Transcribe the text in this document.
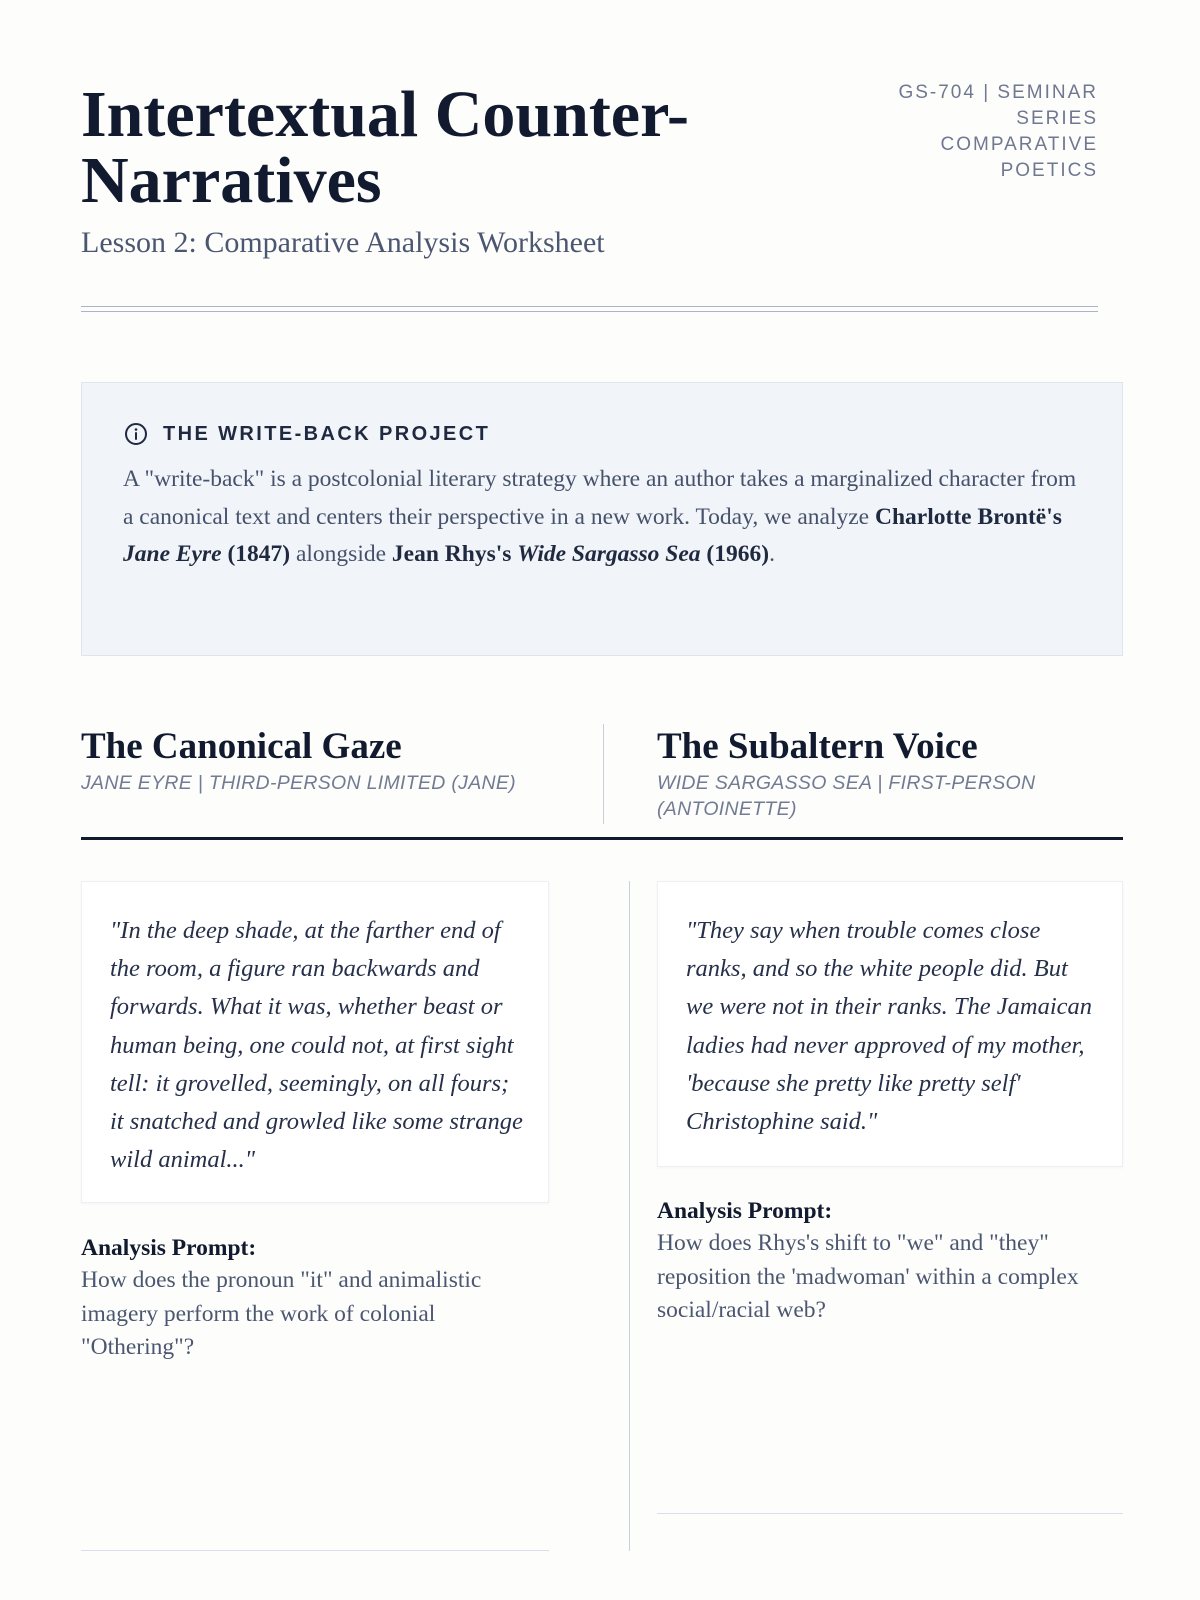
Intertextual Counter-Narratives

Lesson 2: Comparative Analysis Worksheet

GS-704 | SEMINAR SERIES
COMPARATIVE POETICS
THE WRITE-BACK PROJECT

A "write-back" is a postcolonial literary strategy where an author takes a marginalized character from a canonical text and centers their perspective in a new work. Today, we analyze Charlotte Brontë's Jane Eyre (1847) alongside Jean Rhys's Wide Sargasso Sea (1966).

The Canonical Gaze

JANE EYRE | THIRD-PERSON LIMITED (JANE)

The Subaltern Voice

WIDE SARGASSO SEA | FIRST-PERSON (ANTOINETTE)

"In the deep shade, at the farther end of the room, a figure ran backwards and forwards. What it was, whether beast or human being, one could not, at first sight tell: it grovelled, seemingly, on all fours; it snatched and growled like some strange wild animal..."

Analysis Prompt:

How does the pronoun "it" and animalistic imagery perform the work of colonial "Othering"?

"They say when trouble comes close ranks, and so the white people did. But we were not in their ranks. The Jamaican ladies had never approved of my mother, 'because she pretty like pretty self' Christophine said."

Analysis Prompt:

How does Rhys's shift to "we" and "they" reposition the 'madwoman' within a complex social/racial web?
